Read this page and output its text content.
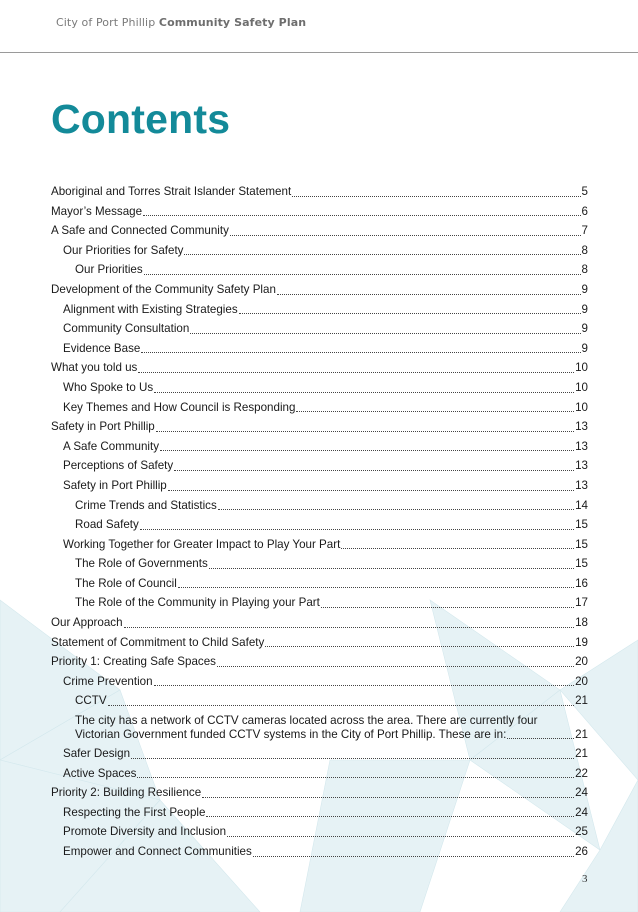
City of Port Phillip Community Safety Plan
Contents
Aboriginal and Torres Strait Islander Statement	5
Mayor’s Message	6
A Safe and Connected Community	7
Our Priorities for Safety	8
Our Priorities	8
Development of the Community Safety Plan	9
Alignment with Existing Strategies	9
Community Consultation	9
Evidence Base	9
What you told us	10
Who Spoke to Us	10
Key Themes and How Council is Responding	10
Safety in Port Phillip	13
A Safe Community	13
Perceptions of Safety	13
Safety in Port Phillip	13
Crime Trends and Statistics	14
Road Safety	15
Working Together for Greater Impact to Play Your Part	15
The Role of Governments	15
The Role of Council	16
The Role of the Community in Playing your Part	17
Our Approach	18
Statement of Commitment to Child Safety	19
Priority 1: Creating Safe Spaces	20
Crime Prevention	20
CCTV	21
The city has a network of CCTV cameras located across the area. There are currently four
Victorian Government funded CCTV systems in the City of Port Phillip. These are in:	21
Safer Design	21
Active Spaces	22
Priority 2: Building Resilience	24
Respecting the First People	24
Promote Diversity and Inclusion	25
Empower and Connect Communities	26
3
